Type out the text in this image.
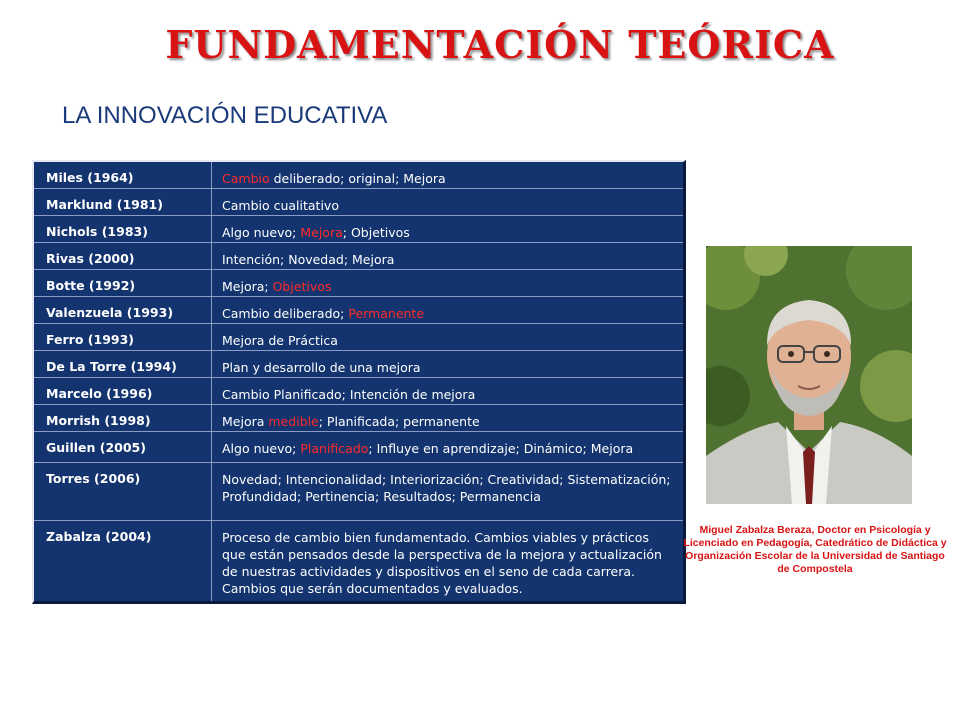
FUNDAMENTACIÓN TEÓRICA
LA INNOVACIÓN EDUCATIVA
Miles (1964)	Cambio deliberado; original; Mejora
Marklund (1981)	Cambio cualitativo
Nichols (1983)	Algo nuevo; Mejora; Objetivos
Rivas (2000)	Intención; Novedad; Mejora
Botte (1992)	Mejora; Objetivos
Valenzuela (1993)	Cambio deliberado; Permanente
Ferro (1993)	Mejora de Práctica
De La Torre (1994)	Plan y desarrollo de una mejora
Marcelo (1996)	Cambio Planificado; Intención de mejora
Morrish (1998)	Mejora medible; Planificada; permanente
Guillen (2005)	Algo nuevo; Planificado; Influye en aprendizaje; Dinámico; Mejora
Torres (2006)	Novedad; Intencionalidad; Interiorización; Creatividad; Sistematización; Profundidad; Pertinencia; Resultados; Permanencia
Zabalza (2004)	Proceso de cambio bien fundamentado. Cambios viables y prácticos que están pensados desde la perspectiva de la mejora y actualización de nuestras actividades y dispositivos en el seno de cada carrera. Cambios que serán documentados y evaluados.
Miguel Zabalza Beraza, Doctor en Psicología y Licenciado en Pedagogía, Catedrático de Didáctica y Organización Escolar de la Universidad de Santiago de Compostela
